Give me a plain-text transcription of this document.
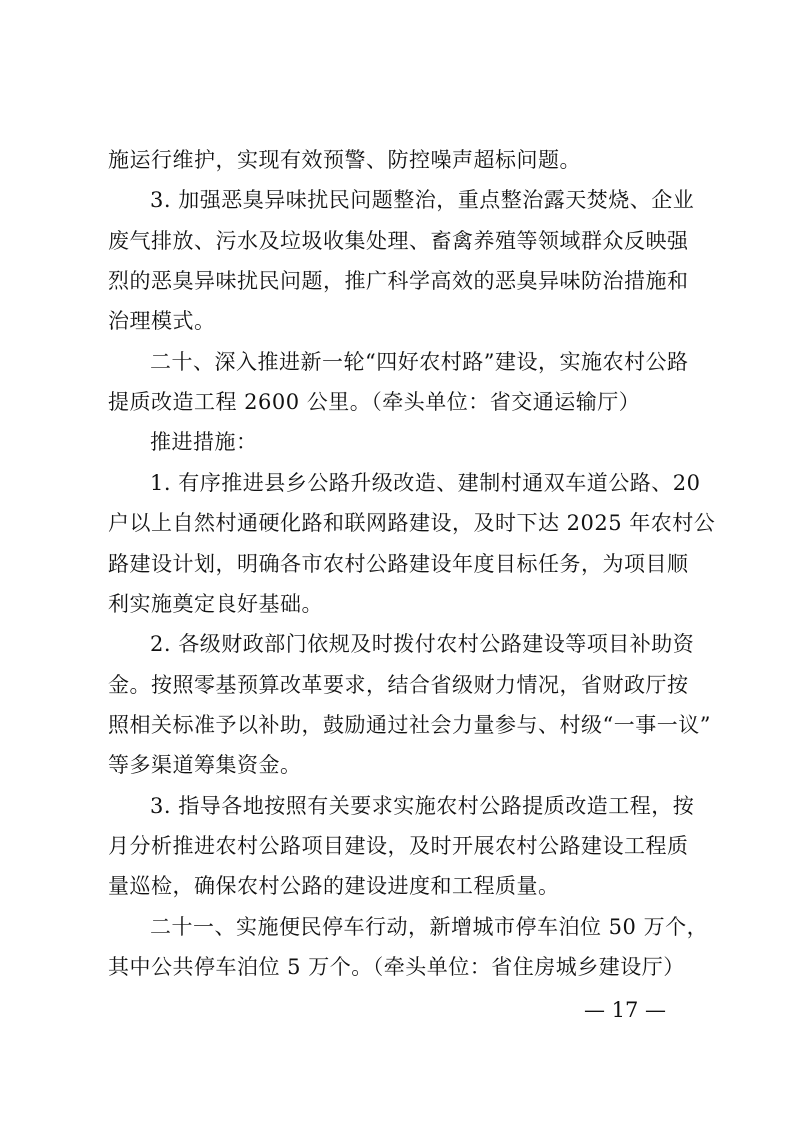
施运行维护，实现有效预警、防控噪声超标问题。
3. 加强恶臭异味扰民问题整治，重点整治露天焚烧、企业
废气排放、污水及垃圾收集处理、畜禽养殖等领域群众反映强
烈的恶臭异味扰民问题，推广科学高效的恶臭异味防治措施和
治理模式。
二十、深入推进新一轮“四好农村路”建设，实施农村公路
提质改造工程 2600 公里。（牵头单位：省交通运输厅）
推进措施：
1. 有序推进县乡公路升级改造、建制村通双车道公路、20
户以上自然村通硬化路和联网路建设，及时下达 2025 年农村公
路建设计划，明确各市农村公路建设年度目标任务，为项目顺
利实施奠定良好基础。
2. 各级财政部门依规及时拨付农村公路建设等项目补助资
金。按照零基预算改革要求，结合省级财力情况，省财政厅按
照相关标准予以补助，鼓励通过社会力量参与、村级“一事一议”
等多渠道筹集资金。
3. 指导各地按照有关要求实施农村公路提质改造工程，按
月分析推进农村公路项目建设，及时开展农村公路建设工程质
量巡检，确保农村公路的建设进度和工程质量。
二十一、实施便民停车行动，新增城市停车泊位 50 万个，
其中公共停车泊位 5 万个。（牵头单位：省住房城乡建设厅）
— 17 —
